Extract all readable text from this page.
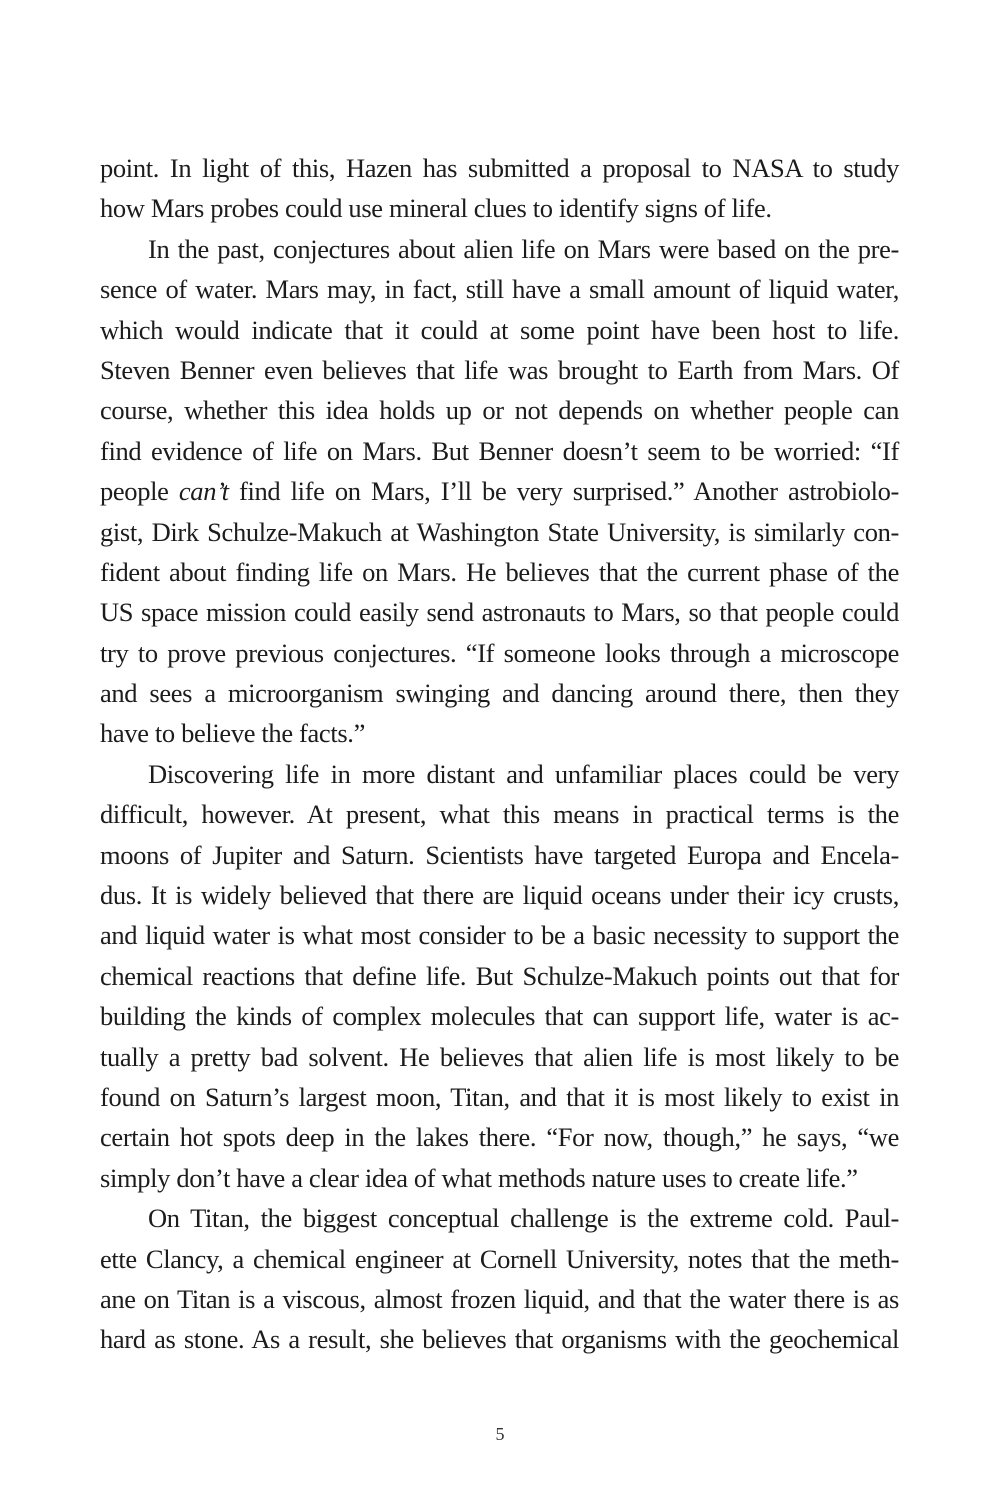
point. In light of this, Hazen has submitted a proposal to NASA to study
how Mars probes could use mineral clues to identify signs of life.
In the past, conjectures about alien life on Mars were based on the pre-
sence of water. Mars may, in fact, still have a small amount of liquid water,
which would indicate that it could at some point have been host to life.
Steven Benner even believes that life was brought to Earth from Mars. Of
course, whether this idea holds up or not depends on whether people can
find evidence of life on Mars. But Benner doesn’t seem to be worried: “If
people can’t find life on Mars, I’ll be very surprised.” Another astrobiolo-
gist, Dirk Schulze-Makuch at Washington State University, is similarly con-
fident about finding life on Mars. He believes that the current phase of the
US space mission could easily send astronauts to Mars, so that people could
try to prove previous conjectures. “If someone looks through a microscope
and sees a microorganism swinging and dancing around there, then they
have to believe the facts.”
Discovering life in more distant and unfamiliar places could be very
difficult, however. At present, what this means in practical terms is the
moons of Jupiter and Saturn. Scientists have targeted Europa and Encela-
dus. It is widely believed that there are liquid oceans under their icy crusts,
and liquid water is what most consider to be a basic necessity to support the
chemical reactions that define life. But Schulze-Makuch points out that for
building the kinds of complex molecules that can support life, water is ac-
tually a pretty bad solvent. He believes that alien life is most likely to be
found on Saturn’s largest moon, Titan, and that it is most likely to exist in
certain hot spots deep in the lakes there. “For now, though,” he says, “we
simply don’t have a clear idea of what methods nature uses to create life.”
On Titan, the biggest conceptual challenge is the extreme cold. Paul-
ette Clancy, a chemical engineer at Cornell University, notes that the meth-
ane on Titan is a viscous, almost frozen liquid, and that the water there is as
hard as stone. As a result, she believes that organisms with the geochemical
5
